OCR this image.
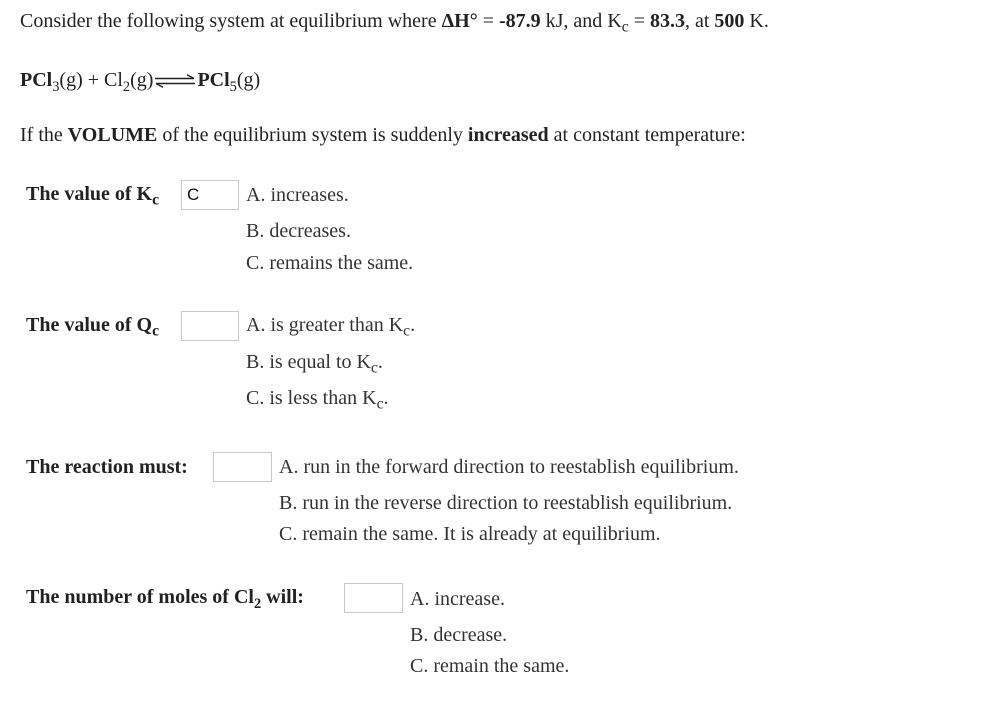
Consider the following system at equilibrium where ΔH° = -87.9 kJ, and $K_c = 83.3$, at 500 K.
$PCl_3(g) + Cl_2(g)\rightleftharpoons PCl_5(g)$
If the VOLUME of the equilibrium system is suddenly increased at constant temperature:
The value of $K_c$	C	A. increases.
B. decreases.
C. remains the same.
The value of $Q_c$	A. is greater than $K_c$.
B. is equal to $K_c$.
C. is less than $K_c$.
The reaction must:	A. run in the forward direction to reestablish equilibrium.
B. run in the reverse direction to reestablish equilibrium.
C. remain the same. It is already at equilibrium.
The number of moles of $Cl_2$ will:	A. increase.
B. decrease.
C. remain the same.
